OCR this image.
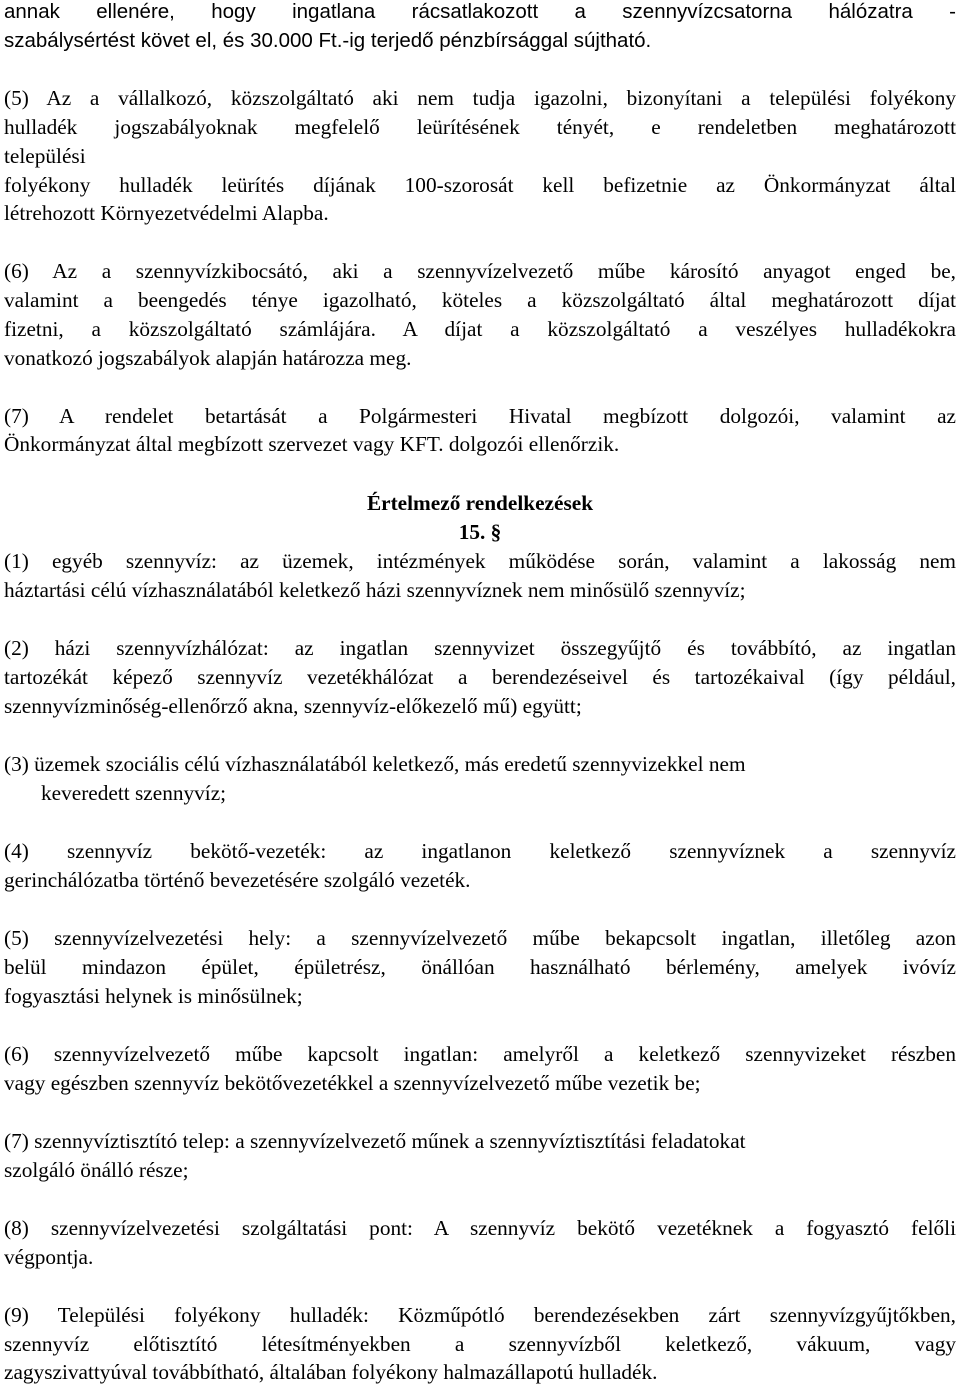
annak ellenére, hogy ingatlana rácsatlakozott a szennyvízcsatorna hálózatra -
szabálysértést követ el, és 30.000 Ft.-ig terjedő pénzbírsággal sújtható.
(5) Az a vállalkozó, közszolgáltató aki nem tudja igazolni, bizonyítani a települési folyékony
hulladék jogszabályoknak megfelelő leürítésének tényét, e rendeletben meghatározott
települési
folyékony hulladék leürítés díjának 100-szorosát kell befizetnie az Önkormányzat által
létrehozott Környezetvédelmi Alapba.
(6) Az a szennyvízkibocsátó, aki a szennyvízelvezető műbe károsító anyagot enged be,
valamint a beengedés ténye igazolható, köteles a közszolgáltató által meghatározott díjat
fizetni, a közszolgáltató számlájára. A díjat a közszolgáltató a veszélyes hulladékokra
vonatkozó jogszabályok alapján határozza meg.
(7) A rendelet betartását a Polgármesteri Hivatal megbízott dolgozói, valamint az
Önkormányzat által megbízott szervezet vagy KFT. dolgozói ellenőrzik.
Értelmező rendelkezések
15. §
(1) egyéb szennyvíz: az üzemek, intézmények működése során, valamint a lakosság nem
háztartási célú vízhasználatából keletkező házi szennyvíznek nem minősülő szennyvíz;
(2) házi szennyvízhálózat: az ingatlan szennyvizet összegyűjtő és továbbító, az ingatlan
tartozékát képező szennyvíz vezetékhálózat a berendezéseivel és tartozékaival (így például,
szennyvízminőség-ellenőrző akna, szennyvíz-előkezelő mű) együtt;
(3) üzemek szociális célú vízhasználatából keletkező, más eredetű szennyvizekkel nem
keveredett szennyvíz;
(4) szennyvíz bekötő-vezeték: az ingatlanon keletkező szennyvíznek a szennyvíz
gerinchálózatba történő bevezetésére szolgáló vezeték.
(5) szennyvízelvezetési hely: a szennyvízelvezető műbe bekapcsolt ingatlan, illetőleg azon
belül mindazon épület, épületrész, önállóan használható bérlemény, amelyek ivóvíz
fogyasztási helynek is minősülnek;
(6) szennyvízelvezető műbe kapcsolt ingatlan: amelyről a keletkező szennyvizeket részben
vagy egészben szennyvíz bekötővezetékkel a szennyvízelvezető műbe vezetik be;
(7) szennyvíztisztító telep: a szennyvízelvezető műnek a szennyvíztisztítási feladatokat
szolgáló önálló része;
(8) szennyvízelvezetési szolgáltatási pont: A szennyvíz bekötő vezetéknek a fogyasztó felőli
végpontja.
(9) Települési folyékony hulladék: Közműpótló berendezésekben zárt szennyvízgyűjtőkben,
szennyvíz előtisztító létesítményekben a szennyvízből keletkező, vákuum, vagy
zagyszivattyúval továbbítható, általában folyékony halmazállapotú hulladék.
